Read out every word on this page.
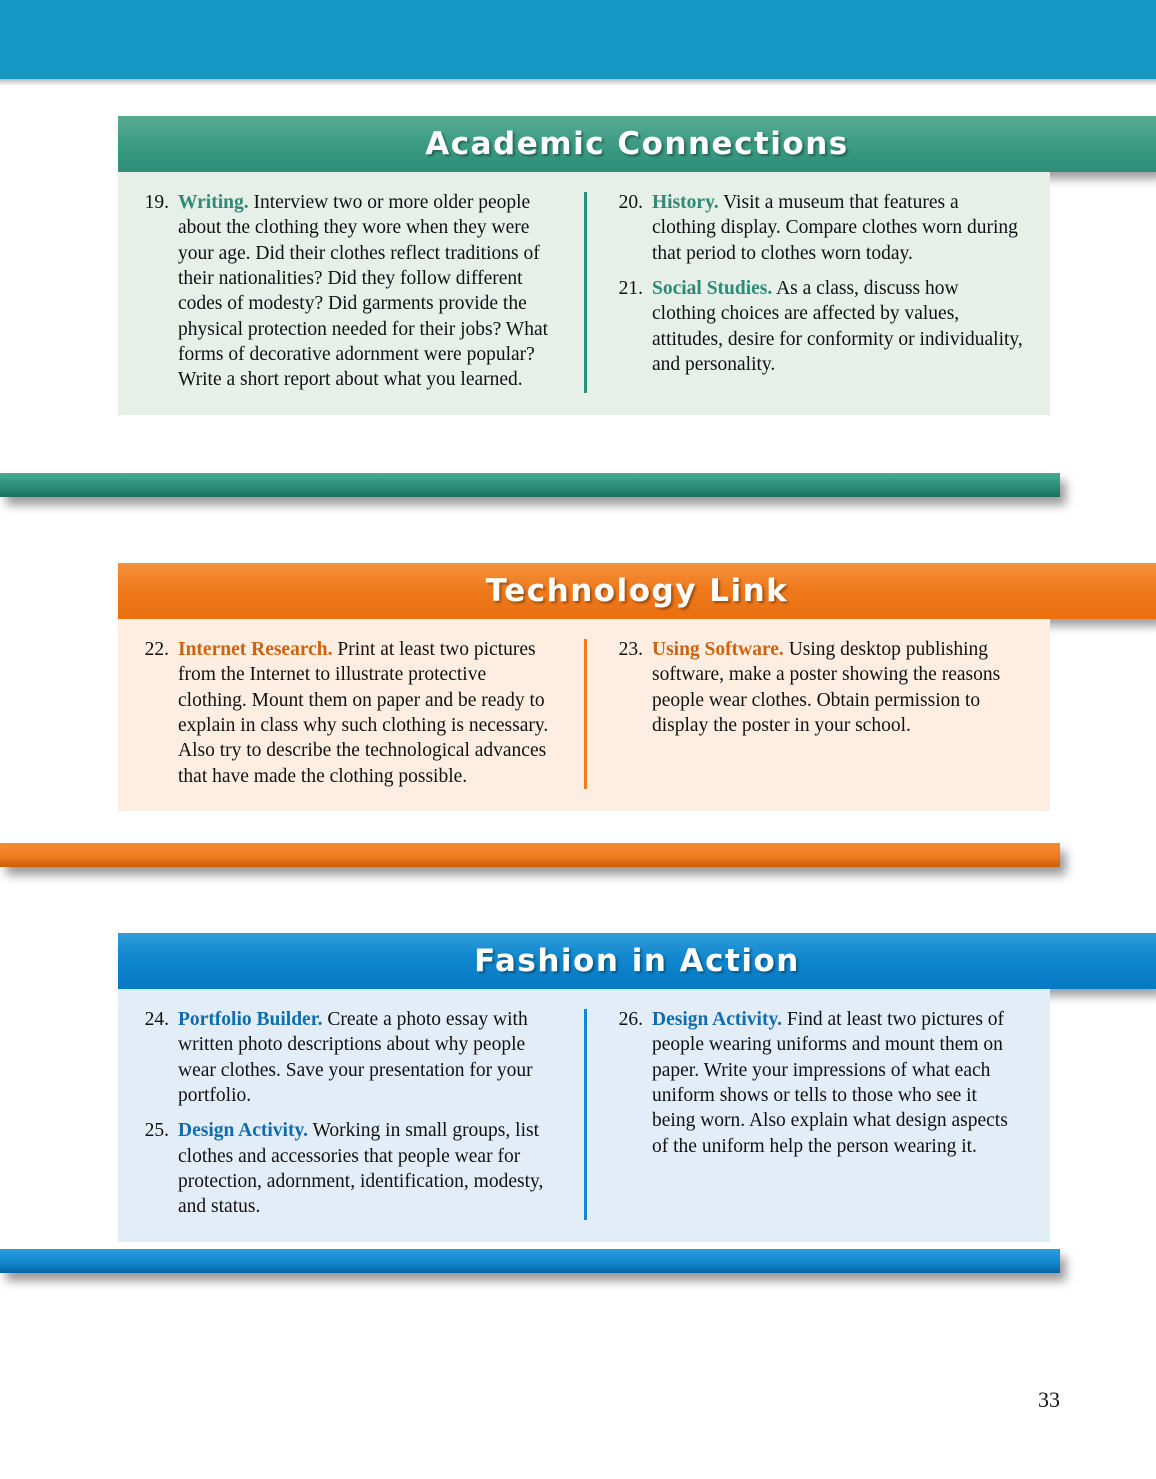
Academic Connections
19. Writing. Interview two or more older people about the clothing they wore when they were your age. Did their clothes reflect traditions of their nationalities? Did they follow different codes of modesty? Did garments provide the physical protection needed for their jobs? What forms of decorative adornment were popular? Write a short report about what you learned.
20. History. Visit a museum that features a clothing display. Compare clothes worn during that period to clothes worn today.
21. Social Studies. As a class, discuss how clothing choices are affected by values, attitudes, desire for conformity or individuality, and personality.
Technology Link
22. Internet Research. Print at least two pictures from the Internet to illustrate protective clothing. Mount them on paper and be ready to explain in class why such clothing is necessary. Also try to describe the technological advances that have made the clothing possible.
23. Using Software. Using desktop publishing software, make a poster showing the reasons people wear clothes. Obtain permission to display the poster in your school.
Fashion in Action
24. Portfolio Builder. Create a photo essay with written photo descriptions about why people wear clothes. Save your presentation for your portfolio.
25. Design Activity. Working in small groups, list clothes and accessories that people wear for protection, adornment, identification, modesty, and status.
26. Design Activity. Find at least two pictures of people wearing uniforms and mount them on paper. Write your impressions of what each uniform shows or tells to those who see it being worn. Also explain what design aspects of the uniform help the person wearing it.
33
